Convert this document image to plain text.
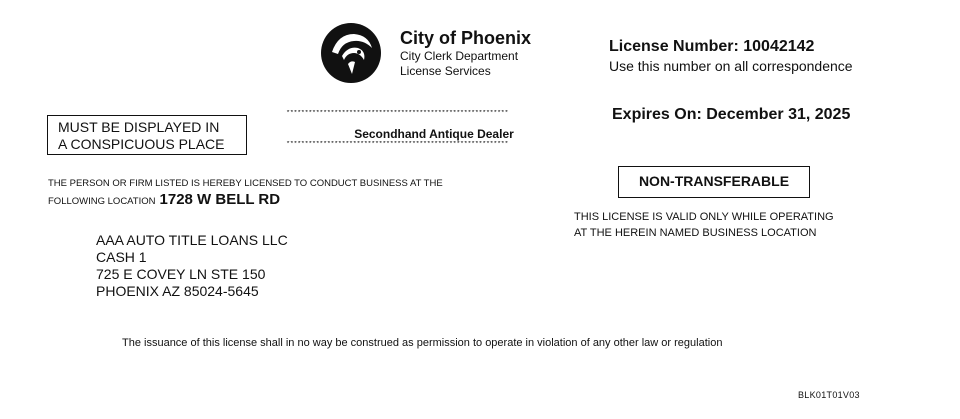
City of Phoenix
City Clerk Department
License Services
License Number: 10042142
Use this number on all correspondence
Expires On: December 31, 2025
MUST BE DISPLAYED IN
A CONSPICUOUS PLACE
************************************************************
Secondhand Antique Dealer
************************************************************
NON-TRANSFERABLE
THIS LICENSE IS VALID ONLY WHILE OPERATING
AT THE HEREIN NAMED BUSINESS LOCATION
THE PERSON OR FIRM LISTED IS HEREBY LICENSED TO CONDUCT BUSINESS AT THE
FOLLOWING LOCATION 1728 W BELL RD
AAA AUTO TITLE LOANS LLC
CASH 1
725 E COVEY LN STE 150
PHOENIX AZ 85024-5645
The issuance of this license shall in no way be construed as permission to operate in violation of any other law or regulation
BLK01T01V03
